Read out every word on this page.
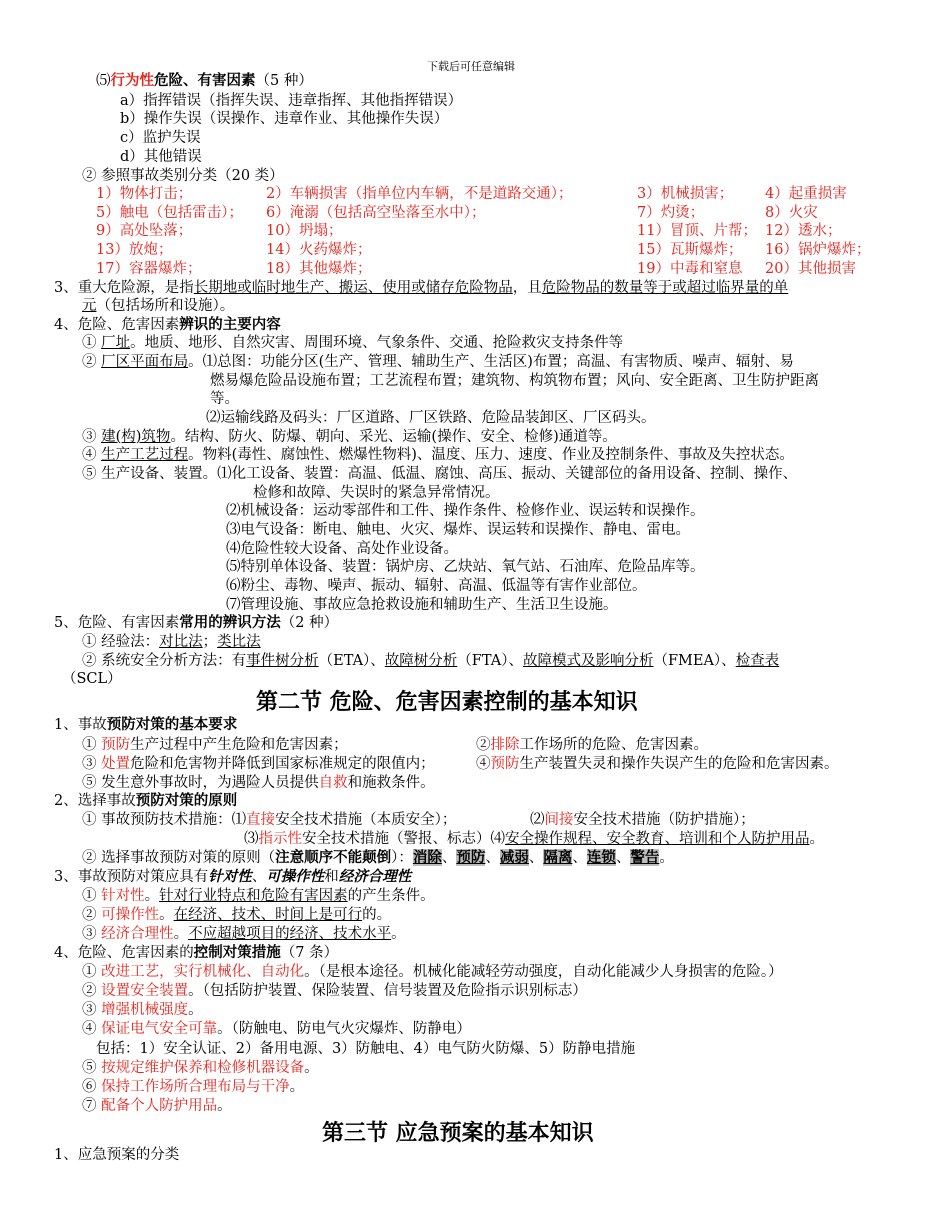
下载后可任意编辑
⑸行为性危险、有害因素（5 种）
a）指挥错误（指挥失误、违章指挥、其他指挥错误）
b）操作失误（误操作、违章作业、其他操作失误）
c）监护失误
d）其他错误
② 参照事故类别分类（20 类）
1）物体打击；	2）车辆损害（指单位内车辆，不是道路交通）；	3）机械损害； 4）起重损害
5）触电（包括雷击）； 6）淹溺（包括高空坠落至水中）；	7）灼烫；	8）火灾
9）高处坠落；	10）坍塌；	11）冒顶、片帮； 12）透水；
13）放炮；	14）火药爆炸；	15）瓦斯爆炸； 16）锅炉爆炸；
17）容器爆炸；	18）其他爆炸；	19）中毒和窒息 20）其他损害
3、重大危险源，是指长期地或临时地生产、搬运、使用或储存危险物品，且危险物品的数量等于或超过临界量的单
元（包括场所和设施）。
4、危险、危害因素辨识的主要内容
① 厂址。地质、地形、自然灾害、周围环境、气象条件、交通、抢险救灾支持条件等
② 厂区平面布局。⑴总图：功能分区(生产、管理、辅助生产、生活区)布置；高温、有害物质、噪声、辐射、易
燃易爆危险品设施布置；工艺流程布置；建筑物、构筑物布置；风向、安全距离、卫生防护距离
等。
⑵运输线路及码头：厂区道路、厂区铁路、危险品装卸区、厂区码头。
③ 建(构)筑物。结构、防火、防爆、朝向、采光、运输(操作、安全、检修)通道等。
④ 生产工艺过程。物料(毒性、腐蚀性、燃爆性物料)、温度、压力、速度、作业及控制条件、事故及失控状态。
⑤ 生产设备、装置。⑴化工设备、装置：高温、低温、腐蚀、高压、振动、关键部位的备用设备、控制、操作、
检修和故障、失误时的紧急异常情况。
⑵机械设备：运动零部件和工件、操作条件、检修作业、误运转和误操作。
⑶电气设备：断电、触电、火灾、爆炸、误运转和误操作、静电、雷电。
⑷危险性较大设备、高处作业设备。
⑸特别单体设备、装置：锅炉房、乙炔站、氧气站、石油库、危险品库等。
⑹粉尘、毒物、噪声、振动、辐射、高温、低温等有害作业部位。
⑺管理设施、事故应急抢救设施和辅助生产、生活卫生设施。
5、危险、有害因素常用的辨识方法（2 种）
① 经验法：对比法；类比法
② 系统安全分析方法：有事件树分析（ETA）、故障树分析（FTA）、故障模式及影响分析（FMEA）、检查表
（SCL）
第二节 危险、危害因素控制的基本知识
1、事故预防对策的基本要求
① 预防生产过程中产生危险和危害因素；	②排除工作场所的危险、危害因素。
③ 处置危险和危害物并降低到国家标准规定的限值内；	④预防生产装置失灵和操作失误产生的危险和危害因素。
⑤ 发生意外事故时，为遇险人员提供自救和施救条件。
2、选择事故预防对策的原则
① 事故预防技术措施：⑴直接安全技术措施（本质安全）；	⑵间接安全技术措施（防护措施）；
⑶指示性安全技术措施（警报、标志）⑷安全操作规程、安全教育、培训和个人防护用品。
② 选择事故预防对策的原则（注意顺序不能颠倒）：消除、预防、减弱、隔离、连锁、警告。
3、事故预防对策应具有针对性、可操作性和经济合理性
① 针对性。针对行业特点和危险有害因素的产生条件。
② 可操作性。在经济、技术、时间上是可行的。
③ 经济合理性。不应超越项目的经济、技术水平。
4、危险、危害因素的控制对策措施（7 条）
① 改进工艺，实行机械化、自动化。（是根本途径。机械化能减轻劳动强度，自动化能减少人身损害的危险。）
② 设置安全装置。（包括防护装置、保险装置、信号装置及危险指示识别标志）
③ 增强机械强度。
④ 保证电气安全可靠。（防触电、防电气火灾爆炸、防静电）
包括：1）安全认证、2）备用电源、3）防触电、4）电气防火防爆、5）防静电措施
⑤ 按规定维护保养和检修机器设备。
⑥ 保持工作场所合理布局与干净。
⑦ 配备个人防护用品。
第三节 应急预案的基本知识
1、应急预案的分类
